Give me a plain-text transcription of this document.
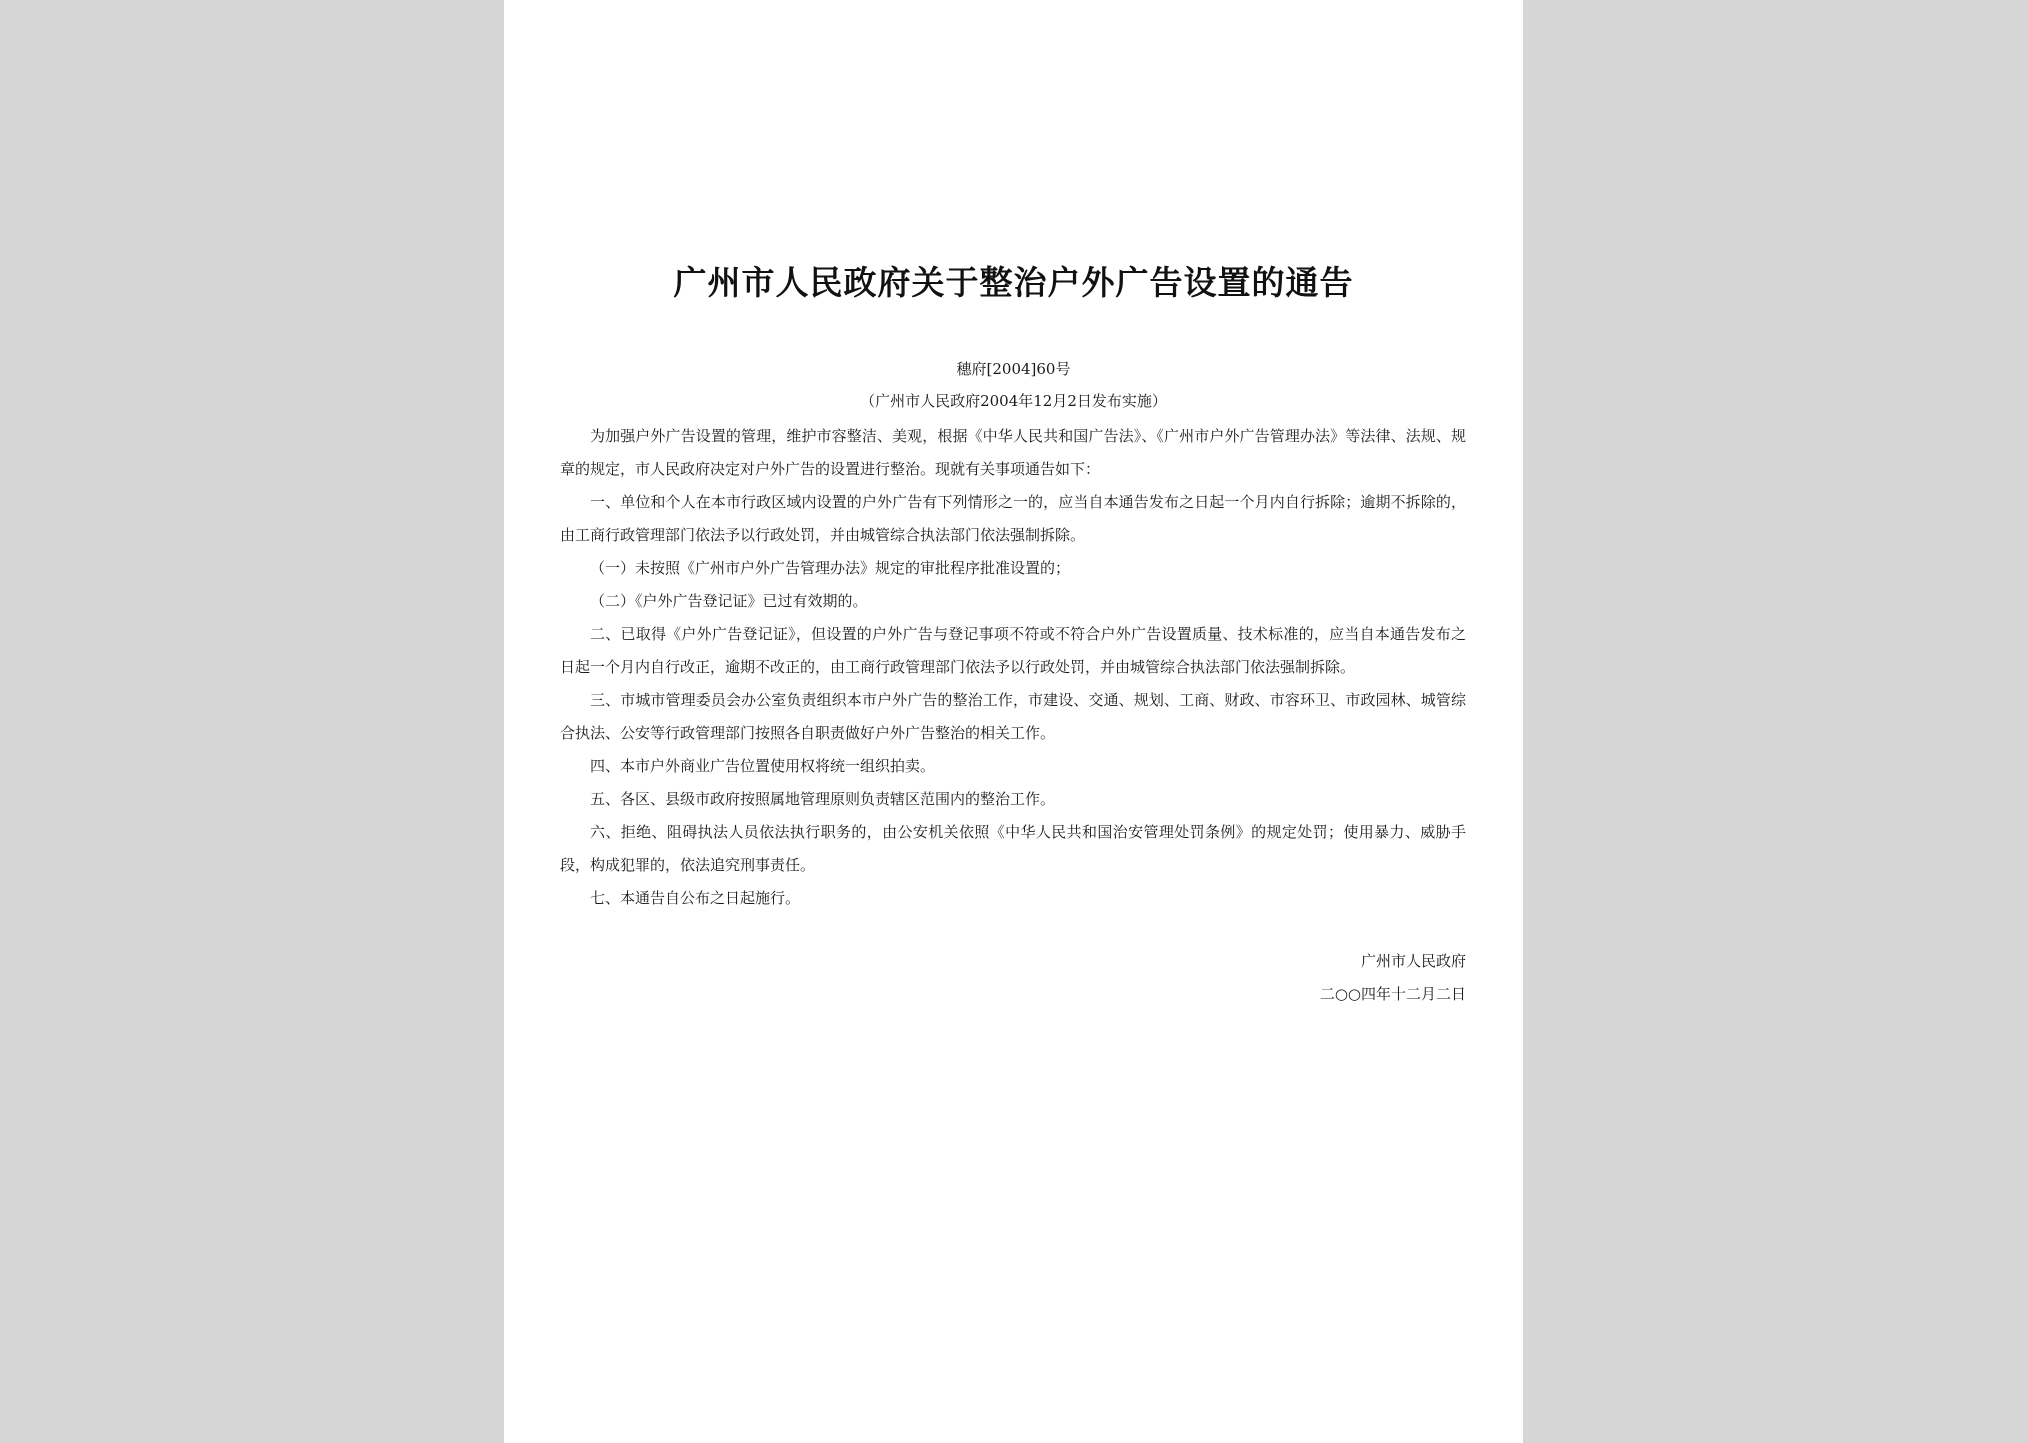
广州市人民政府关于整治户外广告设置的通告
穗府[2004]60号
（广州市人民政府2004年12月2日发布实施）

为加强户外广告设置的管理，维护市容整洁、美观，根据《中华人民共和国广告法》、《广州市户外广告管理办法》等法律、法规、规章的规定，市人民政府决定对户外广告的设置进行整治。现就有关事项通告如下：

一、单位和个人在本市行政区域内设置的户外广告有下列情形之一的，应当自本通告发布之日起一个月内自行拆除；逾期不拆除的，由工商行政管理部门依法予以行政处罚，并由城管综合执法部门依法强制拆除。

（一）未按照《广州市户外广告管理办法》规定的审批程序批准设置的；

（二）《户外广告登记证》已过有效期的。

二、已取得《户外广告登记证》，但设置的户外广告与登记事项不符或不符合户外广告设置质量、技术标准的，应当自本通告发布之日起一个月内自行改正，逾期不改正的，由工商行政管理部门依法予以行政处罚，并由城管综合执法部门依法强制拆除。

三、市城市管理委员会办公室负责组织本市户外广告的整治工作，市建设、交通、规划、工商、财政、市容环卫、市政园林、城管综合执法、公安等行政管理部门按照各自职责做好户外广告整治的相关工作。

四、本市户外商业广告位置使用权将统一组织拍卖。

五、各区、县级市政府按照属地管理原则负责辖区范围内的整治工作。

六、拒绝、阻碍执法人员依法执行职务的，由公安机关依照《中华人民共和国治安管理处罚条例》的规定处罚；使用暴力、威胁手段，构成犯罪的，依法追究刑事责任。

七、本通告自公布之日起施行。

广州市人民政府
二○○四年十二月二日
